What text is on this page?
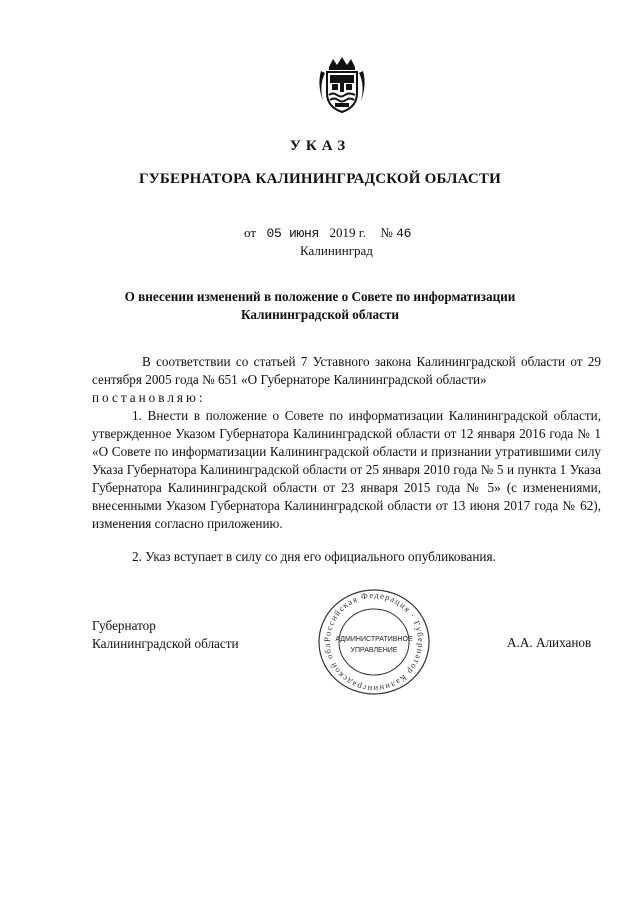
УКАЗ
ГУБЕРНАТОРА КАЛИНИНГРАДСКОЙ ОБЛАСТИ
от 05 июня 2019 г. № 46
Калининград
О внесении изменений в положение о Совете по информатизации
Калининградской области
В соответствии со статьей 7 Уставного закона Калининградской области от 29 сентября 2005 года № 651 «О Губернаторе Калининградской области»
постановляю:
1. Внести в положение о Совете по информатизации Калининградской области, утвержденное Указом Губернатора Калининградской области от 12 января 2016 года № 1 «О Совете по информатизации Калининградской области и признании утратившими силу Указа Губернатора Калининградской области от 25 января 2010 года № 5 и пункта 1 Указа Губернатора Калининградской области от 23 января 2015 года № 5» (с изменениями, внесенными Указом Губернатора Калининградской области от 13 июня 2017 года № 62), изменения согласно приложению.
2. Указ вступает в силу со дня его официального опубликования.
Губернатор
Калининградской области	А.А. Алиханов
Российская Федерация · Губернатор Калининградской обл
АДМИНИСТРАТИВНОЕ
УПРАВЛЕНИЕ
